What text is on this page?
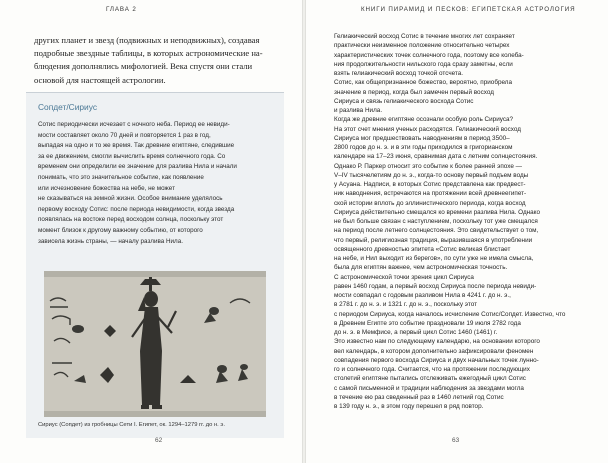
ГЛАВА 2
других планет и звезд (подвижных и неподвижных), создавая
подробные звездные таблицы, в которых астрономические на-
блюдения дополнялись мифологией. Века спустя они стали
основой для настоящей астрологии.
Сопдет/Сириус
Сотис периодически исчезает с ночного неба. Период ее невиди-
мости составляет около 70 дней и повторяется 1 раз в год,
выпадая на одно и то же время. Так древние египтяне, следившие
за ее движением, смогли вычислить время солнечного года. Со
временем они определили ее значение для разлива Нила и начали
понимать, что это значительное событие, как появление
или исчезновение божества на небе, не может
не сказываться на земной жизни. Особое внимание уделялось
первому восходу Сотис: после периода невидимости, когда звезда
появлялась на востоке перед восходом солнца, поскольку этот
момент близок к другому важному событию, от которого
зависела жизнь страны, — началу разлива Нила.
Сириус (Сопдет) из гробницы Сети I. Египет, ок. 1294–1279 гг. до н. э.
62
КНИГИ ПИРАМИД И ПЕСКОВ: ЕГИПЕТСКАЯ АСТРОЛОГИЯ
Гелиакический восход Сотис в течение многих лет сохраняет
практически неизменное положение относительно четырех
характеристических точек солнечного года, поэтому все колеба-
ния продолжительности нильского года сразу заметны, если
взять гелиакический восход точкой отсчета.
Сотис, как общепризнанное божество, вероятно, приобрела
значение в период, когда был замечен первый восход
Сириуса и связь гелиакического восхода Сотис
и разлива Нила.
Когда же древние египтяне осознали особую роль Сириуса?
На этот счет мнения ученых расходятся. Гелиакический восход
Сириуса мог предшествовать наводнениям в период 3500–
2800 годов до н. э. и в эти годы приходился в григорианском
календаре на 17–23 июня, сравнимая дата с летним солнцестояния.
Однако Р. Паркер относит это событие к более ранней эпохе —
V–IV тысячелетиям до н. э., когда-то основу первый подъем воды
у Асуана. Надписи, в которых Сотис представлена как предвест-
ник наводнения, встречаются на протяжении всей древнеегипет-
ской истории вплоть до эллинистического периода, когда восход
Сириуса действительно смещался ко времени разлива Нила. Однако
не был больше связан с наступлением, поскольку тот уже смещался
на период после летнего солнцестояния. Это свидетельствует о том,
что первый, религиозная традиция, выразившаяся в употреблении
освященного древностью эпитета «Сотис великая блистает
на небе, и Нил выходит из берегов», по сути уже не имела смысла,
была для египтян важнее, чем астрономическая точность.
С астрономической точки зрения цикл Сириуса
равен 1460 годам, а первый восход Сириуса после периода невиди-
мости совпадал с годовым разливом Нила в 4241 г. до н. э.,
в 2781 г. до н. э. и 1321 г. до н. э., поскольку этот
с периодом Сириуса, когда началось исчисление Сотис/Сопдет. Известно, что
в Древнем Египте это событие праздновали 19 июля 2782 года
до н. э. в Мемфисе, а первый цикл Сотис 1460 (1461) г.
Это известно нам по следующему календарю, на основании которого
вел календарь, в котором дополнительно зафиксировали феномен
совпадения первого восхода Сириуса и двух начальных точек лунно-
го и солнечного года. Считается, что на протяжении последующих
столетий египтяне пытались отслеживать ежегодный цикл Сотис
с самой письменной и традиции наблюдения за звездами могла
в течение ею раз сведенный раз в 1460 летний год Сотис
в 139 году н. э., в этом году перешел в ряд повтор.
63
